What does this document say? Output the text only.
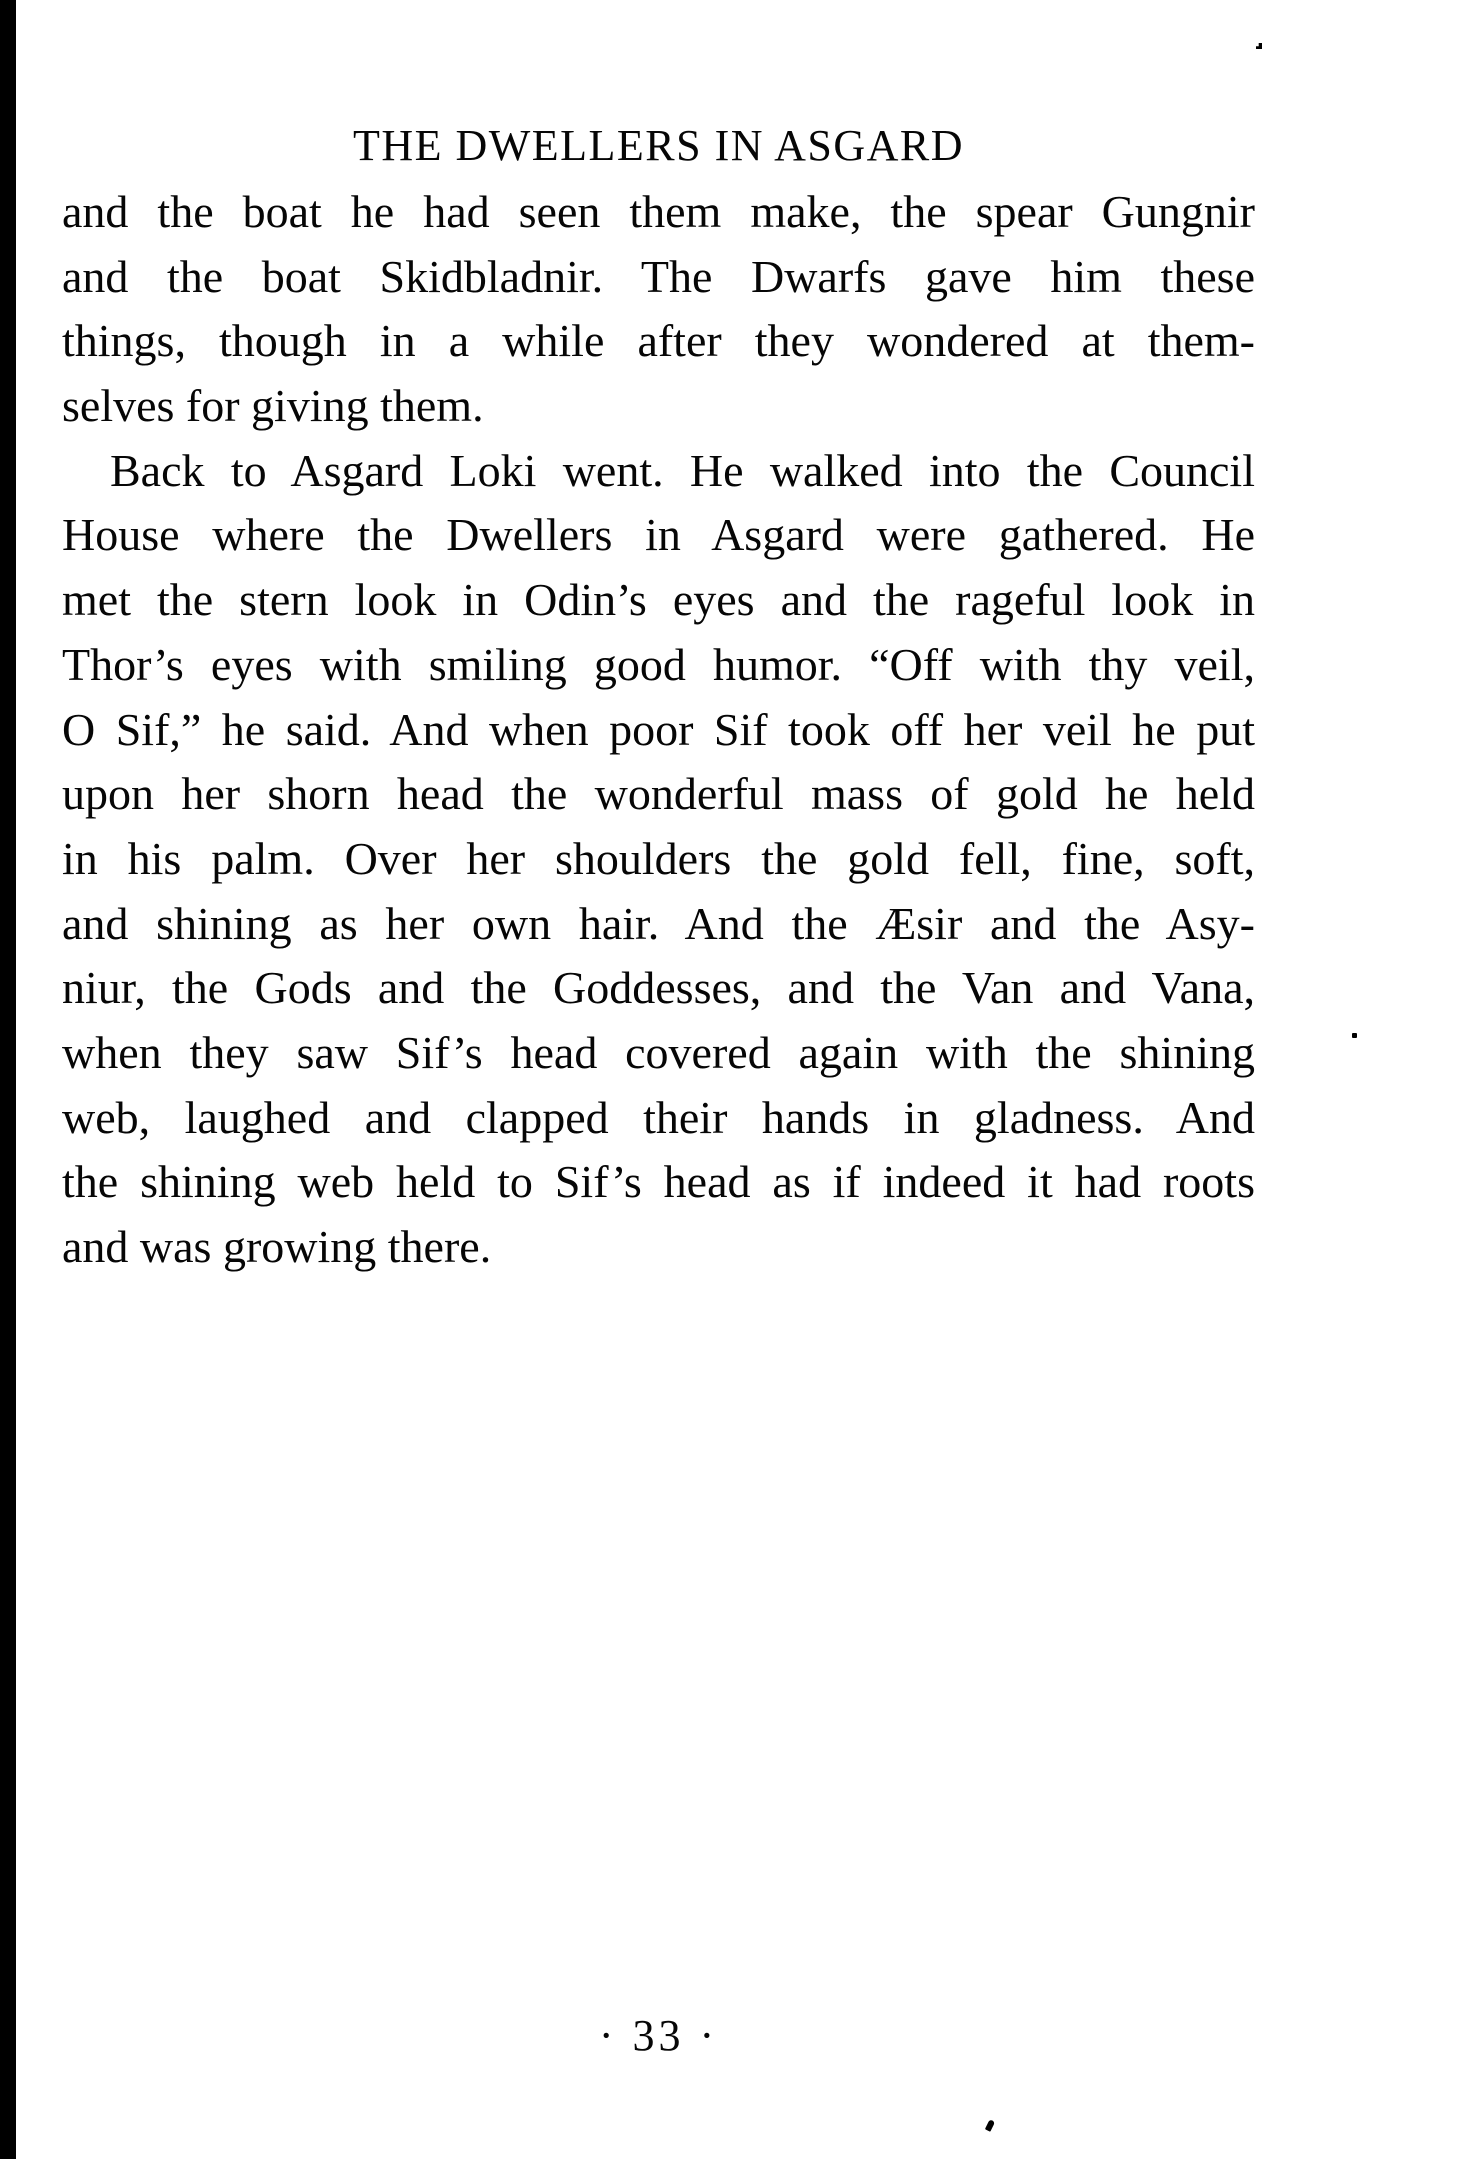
THE DWELLERS IN ASGARD
and the boat he had seen them make, the spear Gungnir
and the boat Skidbladnir. The Dwarfs gave him these
things, though in a while after they wondered at them-
selves for giving them.
Back to Asgard Loki went. He walked into the Council
House where the Dwellers in Asgard were gathered. He
met the stern look in Odin’s eyes and the rageful look in
Thor’s eyes with smiling good humor. “Off with thy veil,
O Sif,” he said. And when poor Sif took off her veil he put
upon her shorn head the wonderful mass of gold he held
in his palm. Over her shoulders the gold fell, fine, soft,
and shining as her own hair. And the Æsir and the Asy-
niur, the Gods and the Goddesses, and the Van and Vana,
when they saw Sif’s head covered again with the shining
web, laughed and clapped their hands in gladness. And
the shining web held to Sif’s head as if indeed it had roots
and was growing there.
· 33 ·
